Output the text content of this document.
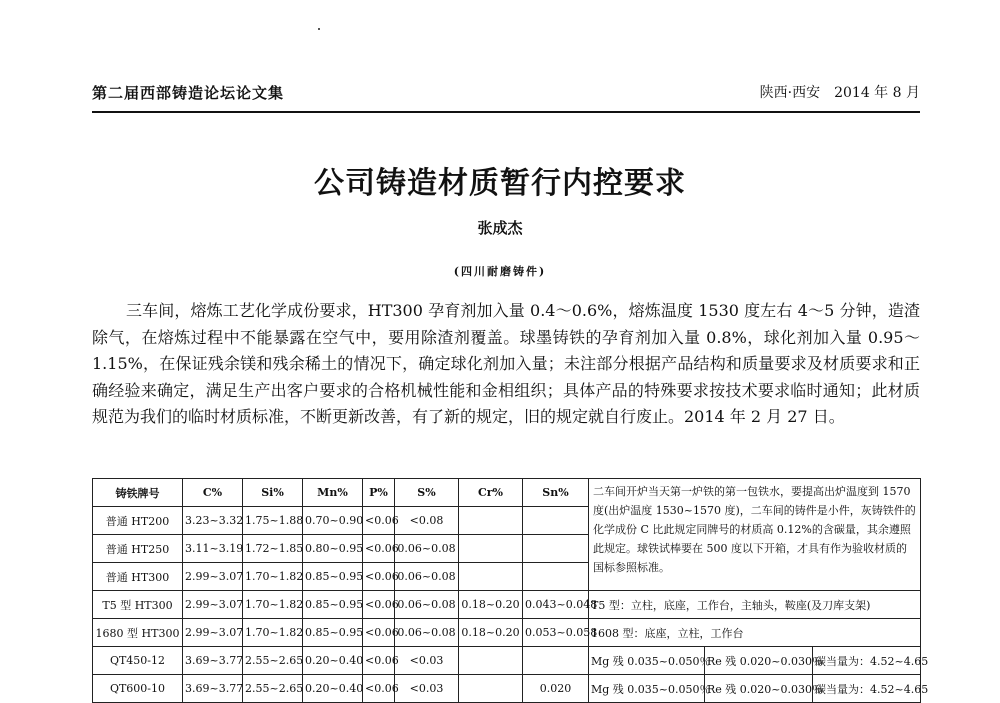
第二届西部铸造论坛论文集	陕西·西安　2014 年 8 月
公司铸造材质暂行内控要求
张成杰
(四川耐磨铸件)
三车间，熔炼工艺化学成份要求，HT300 孕育剂加入量 0.4～0.6%，熔炼温度 1530 度左右 4～5 分钟，造渣除气，在熔炼过程中不能暴露在空气中，要用除渣剂覆盖。球墨铸铁的孕育剂加入量 0.8%，球化剂加入量 0.95～1.15%，在保证残余镁和残余稀土的情况下，确定球化剂加入量；未注部分根据产品结构和质量要求及材质要求和正确经验来确定，满足生产出客户要求的合格机械性能和金相组织；具体产品的特殊要求按技术要求临时通知；此材质规范为我们的临时材质标准，不断更新改善，有了新的规定，旧的规定就自行废止。2014 年 2 月 27 日。
铸铁牌号	C%	Si%	Mn%	P%	S%	Cr%	Sn%	二车间开炉当天第一炉铁的第一包铁水，要提高出炉温度到 1570 度(出炉温度 1530~1570 度)，二车间的铸件是小件，灰铸铁件的化学成份 C 比此规定同牌号的材质高 0.12%的含碳量，其余遵照此规定。球铁试棒要在 500 度以下开箱，才具有作为验收材质的国标参照标准。		
普通 HT200	3.23~3.32	1.75~1.88	0.70~0.90	<0.06	<0.08					
普通 HT250	3.11~3.19	1.72~1.85	0.80~0.95	<0.06	0.06~0.08					
普通 HT300	2.99~3.07	1.70~1.82	0.85~0.95	<0.06	0.06~0.08					
T5 型 HT300	2.99~3.07	1.70~1.82	0.85~0.95	<0.06	0.06~0.08	0.18~0.20	0.043~0.048	T5 型：立柱，底座，工作台，主轴头，鞍座(及刀库支架)		
1680 型 HT300	2.99~3.07	1.70~1.82	0.85~0.95	<0.06	0.06~0.08	0.18~0.20	0.053~0.058	1608 型：底座，立柱，工作台		
QT450-12	3.69~3.77	2.55~2.65	0.20~0.40	<0.06	<0.03			Mg 残 0.035~0.050％	Re 残 0.020~0.030％	碳当量为：4.52~4.65
QT600-10	3.69~3.77	2.55~2.65	0.20~0.40	<0.06	<0.03		0.020	Mg 残 0.035~0.050％	Re 残 0.020~0.030％	碳当量为：4.52~4.65
